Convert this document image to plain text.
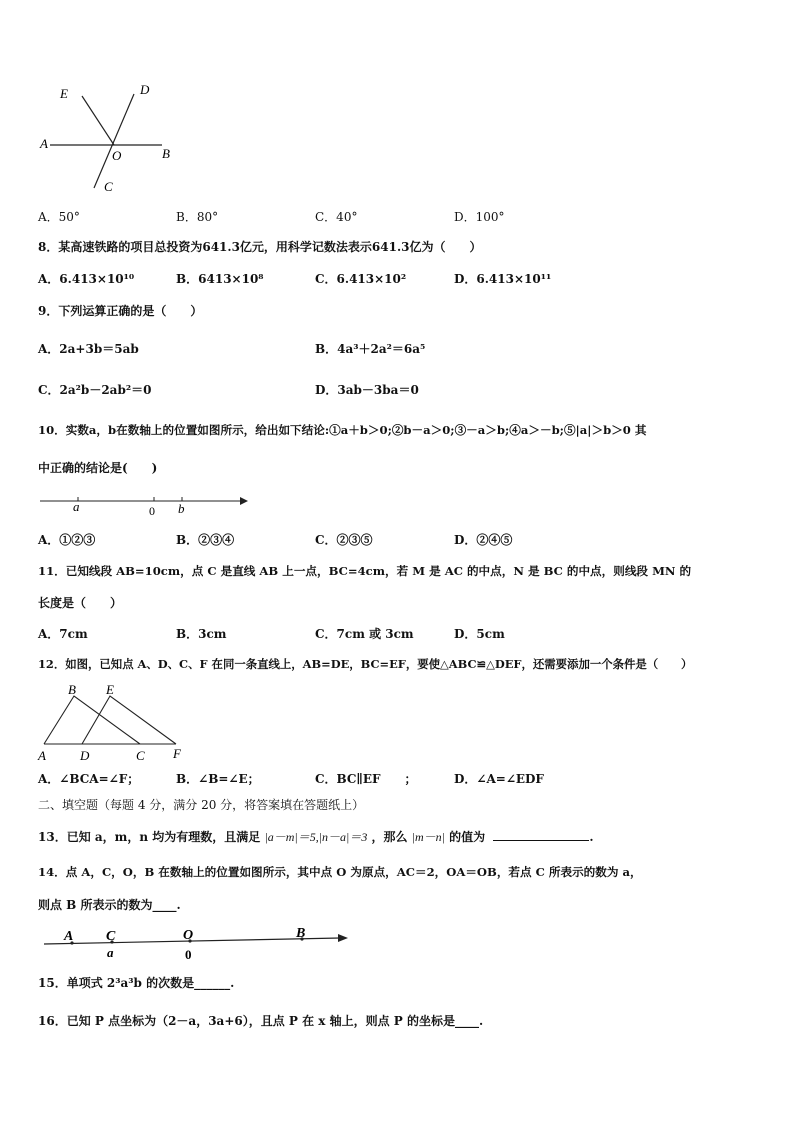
E	D
A
O	B
C
A．50°	B．80°	C．40°	D．100°
8．某高速铁路的项目总投资为641.3亿元，用科学记数法表示641.3亿为（　　）
A．6.413×10¹⁰	B．6413×10⁸	C．6.413×10²	D．6.413×10¹¹
9．下列运算正确的是（　　）
A．2a+3b＝5ab	B．4a³＋2a²＝6a⁵
C．2a²b－2ab²＝0	D．3ab－3ba＝0
10．实数a，b在数轴上的位置如图所示，给出如下结论:①a＋b＞0;②b－a＞0;③－a＞b;④a＞－b;⑤|a|＞b＞0 其
中正确的结论是(　　)
a	0 b
A．①②③	B．②③④	C．②③⑤	D．②④⑤
11．已知线段 AB=10cm，点 C 是直线 AB 上一点，BC=4cm，若 M 是 AC 的中点，N 是 BC 的中点，则线段 MN 的
长度是（　　）
A．7cm	B．3cm	C．7cm 或 3cm	D．5cm
12．如图，已知点 A、D、C、F 在同一条直线上，AB=DE，BC=EF，要使△ABC≌△DEF，还需要添加一个条件是（　　）
B E
A	D	C F
A．∠BCA=∠F；	B．∠B=∠E；	C．BC∥EF　　；	D．∠A=∠EDF
二、填空题（每题 4 分，满分 20 分，将答案填在答题纸上）
13．已知 a，m，n 均为有理数，且满足 |a－m|＝5,|n－a|＝3 ，那么 |m－n| 的值为	.
14．点 A，C，O，B 在数轴上的位置如图所示，其中点 O 为原点，AC＝2，OA＝OB，若点 C 所表示的数为 a，
则点 B 所表示的数为____.
A C	O	B
a	0
15．单项式 2³a³b 的次数是______.
16．已知 P 点坐标为（2－a，3a+6），且点 P 在 x 轴上，则点 P 的坐标是____.
